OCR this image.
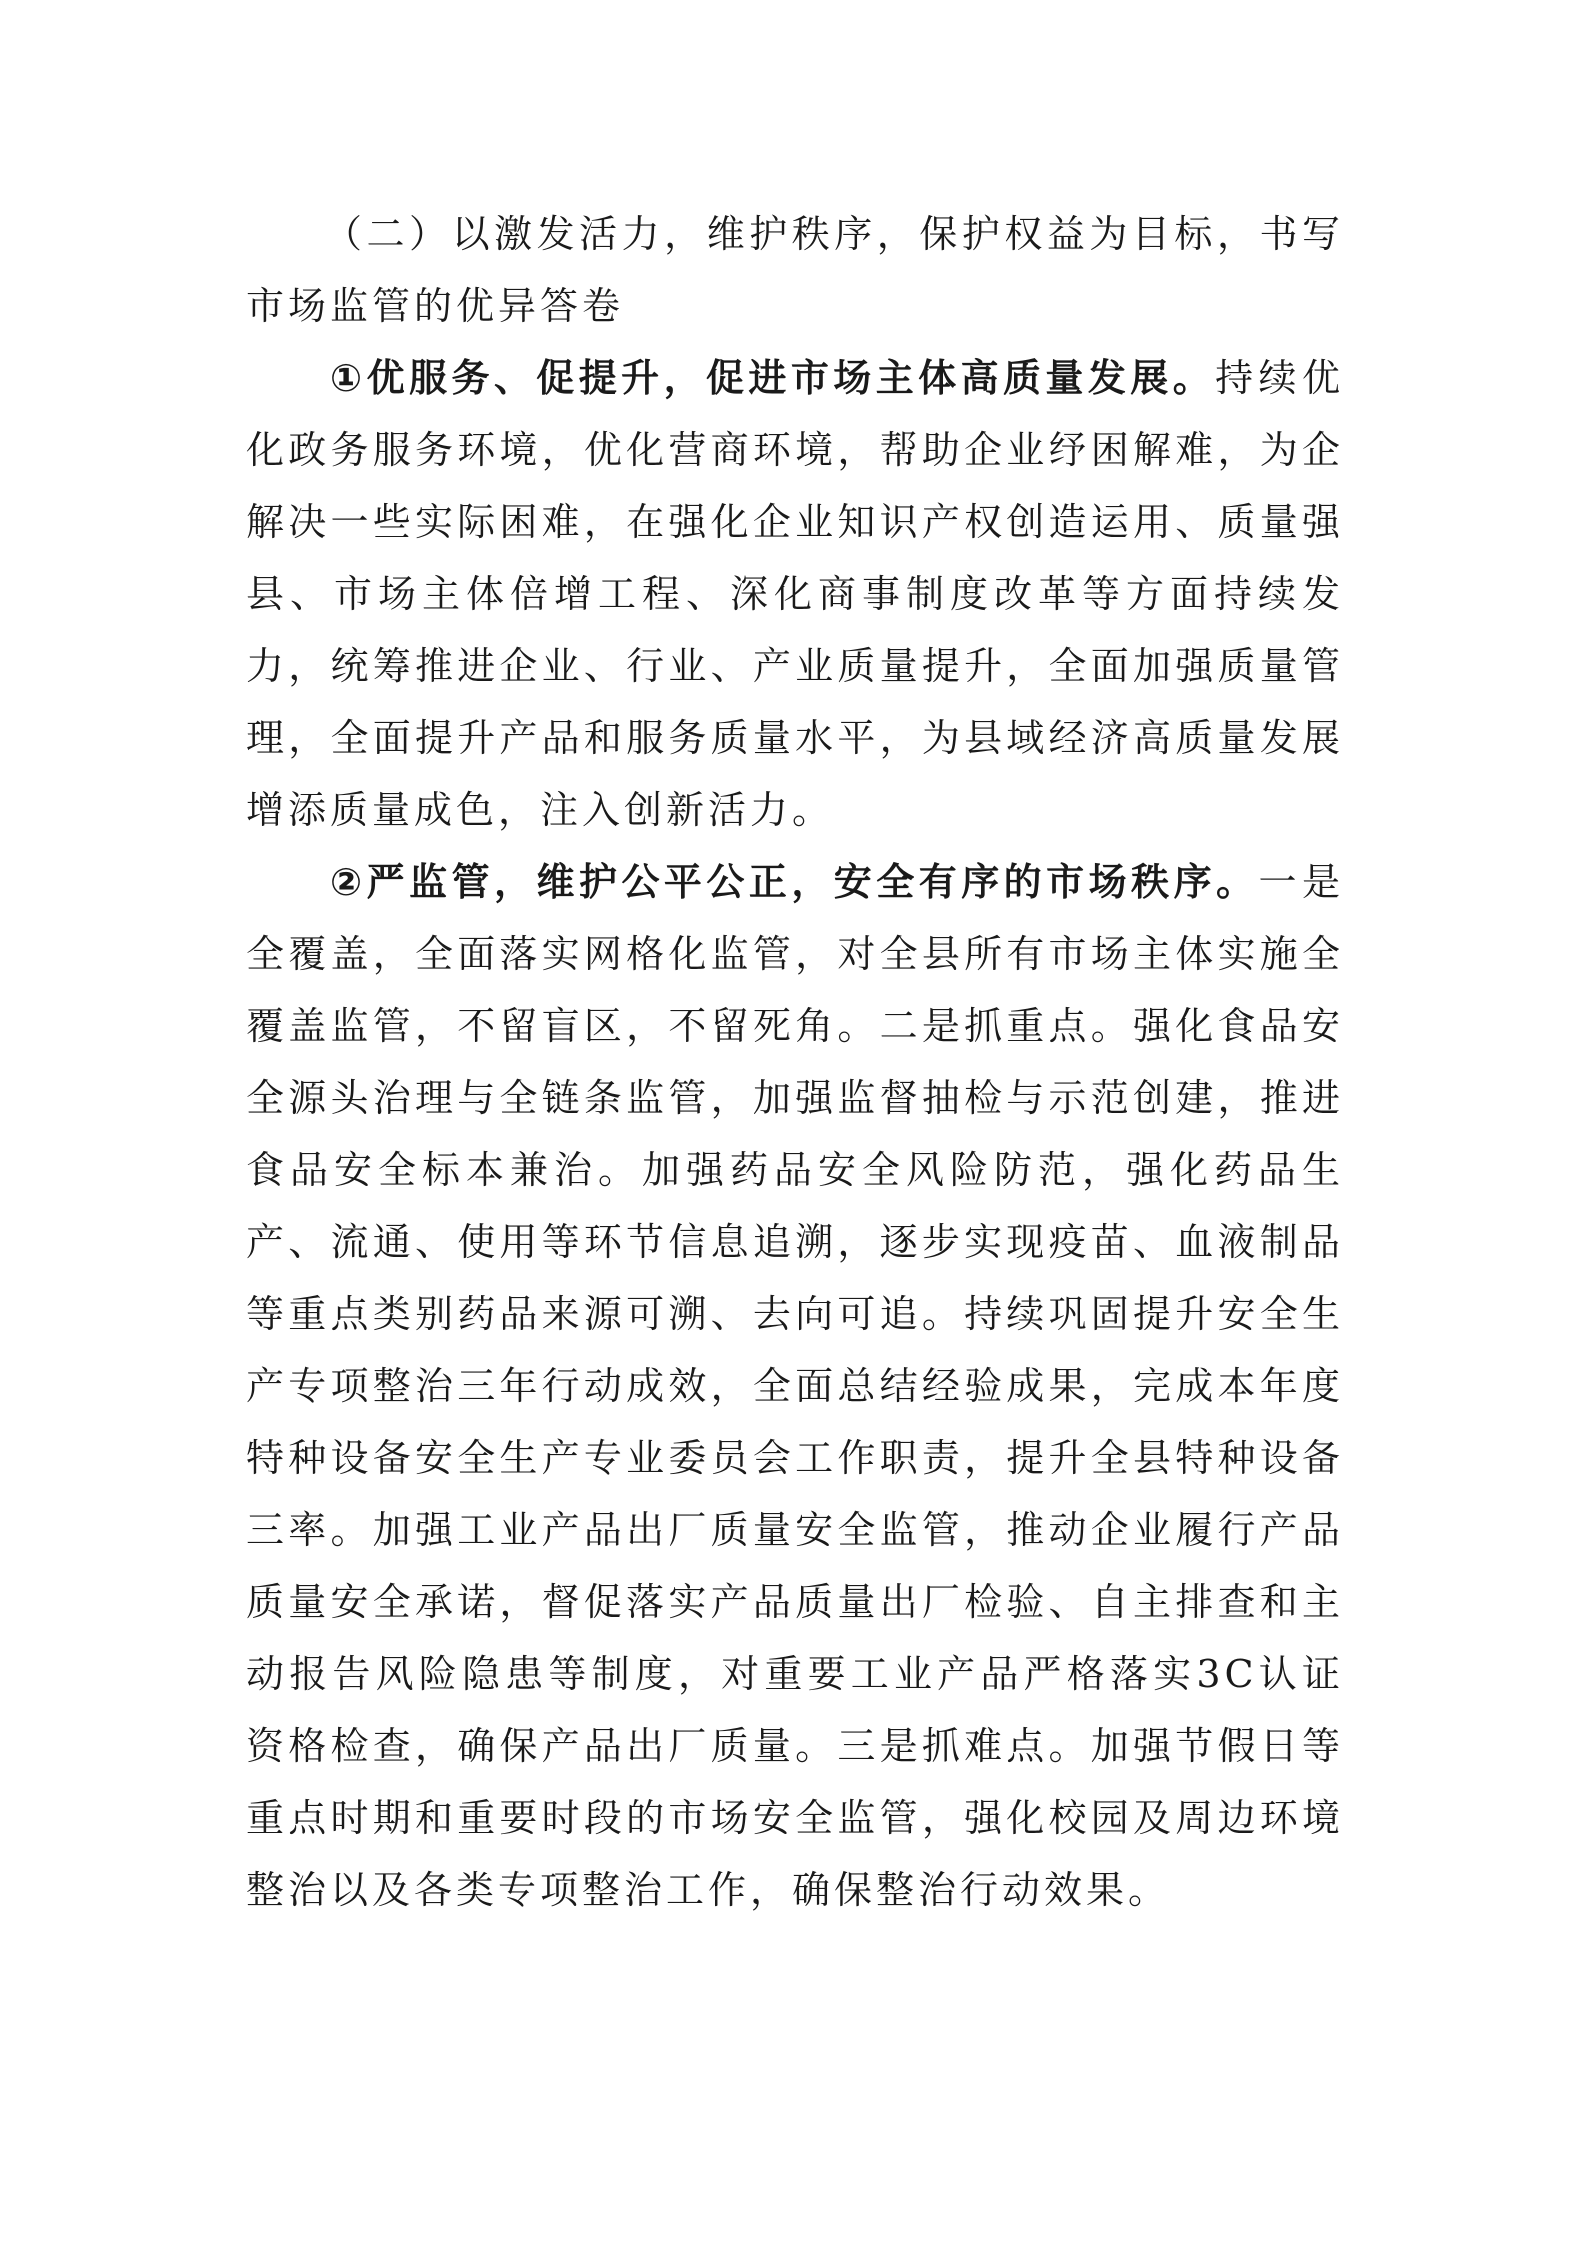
（二）以激发活力，维护秩序，保护权益为目标，书写市场监管的优异答卷

①优服务、促提升，促进市场主体高质量发展。持续优化政务服务环境，优化营商环境，帮助企业纾困解难，为企解决一些实际困难，在强化企业知识产权创造运用、质量强县、市场主体倍增工程、深化商事制度改革等方面持续发力，统筹推进企业、行业、产业质量提升，全面加强质量管理，全面提升产品和服务质量水平，为县域经济高质量发展增添质量成色，注入创新活力。

②严监管，维护公平公正，安全有序的市场秩序。一是全覆盖，全面落实网格化监管，对全县所有市场主体实施全覆盖监管，不留盲区，不留死角。二是抓重点。强化食品安全源头治理与全链条监管，加强监督抽检与示范创建，推进食品安全标本兼治。加强药品安全风险防范，强化药品生产、流通、使用等环节信息追溯，逐步实现疫苗、血液制品等重点类别药品来源可溯、去向可追。持续巩固提升安全生产专项整治三年行动成效，全面总结经验成果，完成本年度特种设备安全生产专业委员会工作职责，提升全县特种设备三率。加强工业产品出厂质量安全监管，推动企业履行产品质量安全承诺，督促落实产品质量出厂检验、自主排查和主动报告风险隐患等制度，对重要工业产品严格落实3C认证资格检查，确保产品出厂质量。三是抓难点。加强节假日等重点时期和重要时段的市场安全监管，强化校园及周边环境整治以及各类专项整治工作，确保整治行动效果。
